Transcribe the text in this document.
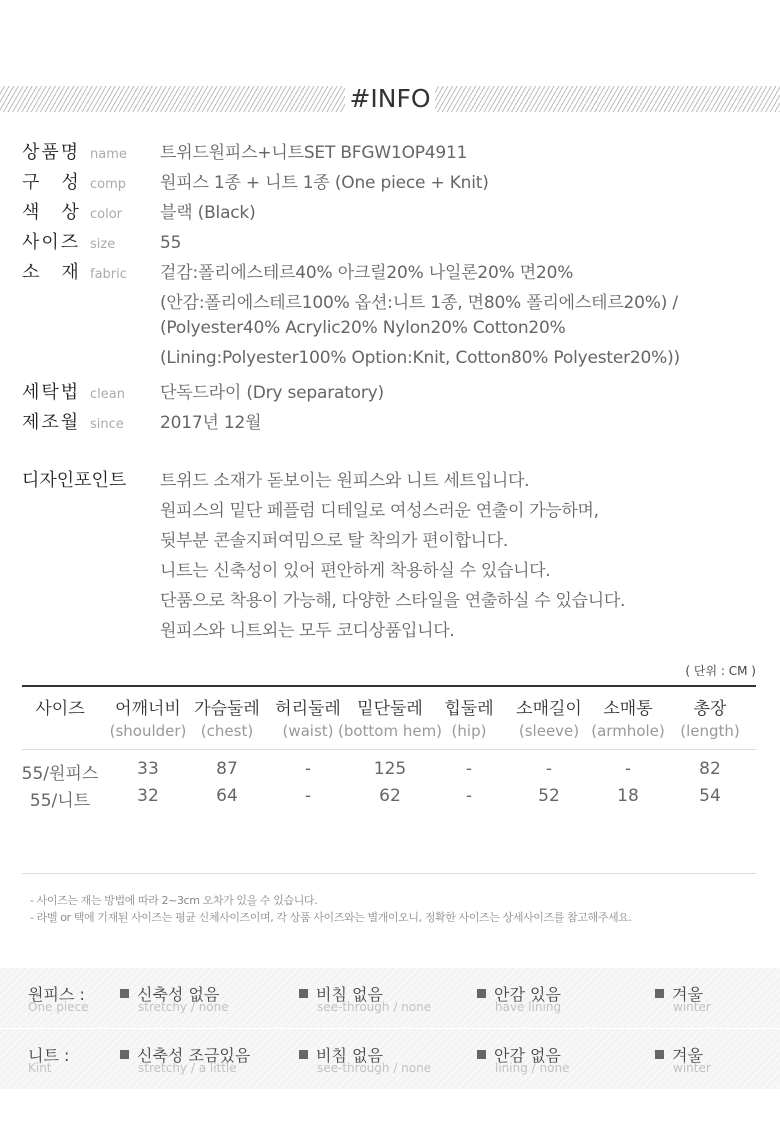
#INFO
상품명 name	트위드원피스+니트SET BFGW1OP4911
구　성 comp	원피스 1종 + 니트 1종 (One piece + Knit)
색　상 color	블랙 (Black)
사이즈 size	55
소　재 fabric	겉감:폴리에스테르40% 아크릴20% 나일론20% 면20%
(안감:폴리에스테르100% 옵션:니트 1종, 면80% 폴리에스테르20%) /
(Polyester40% Acrylic20% Nylon20% Cotton20%
(Lining:Polyester100% Option:Knit, Cotton80% Polyester20%))
세탁법 clean	단독드라이 (Dry separatory)
제조월 since	2017년 12월
디자인포인트 트위드 소재가 돋보이는 원피스와 니트 세트입니다.
원피스의 밑단 페플럼 디테일로 여성스러운 연출이 가능하며,
뒷부분 콘솔지퍼여밈으로 탈 착의가 편이합니다.
니트는 신축성이 있어 편안하게 착용하실 수 있습니다.
단품으로 착용이 가능해, 다양한 스타일을 연출하실 수 있습니다.
원피스와 니트외는 모두 코디상품입니다.
( 단위 : CM )
사이즈 어깨너비 가슴둘레 허리둘레 밑단둘레 힙둘레 소매길이 소매통 총장
(shoulder) (chest) (waist) (bottom hem) (hip) (sleeve) (armhole) (length)
55/원피스 33	87	-	125	-	-	-	82
55/니트	32	64	-	62	-	52	18	54
- 사이즈는 재는 방법에 따라 2~3cm 오차가 있을 수 있습니다.
- 라벨 or 택에 기재된 사이즈는 평균 신체사이즈이며, 각 상품 사이즈와는 별개이오니, 정확한 사이즈는 상세사이즈를 참고해주세요.
원피스 :
One piece
신축성 없음
stretchy / none
비침 없음
see-through / none
안감 있음
have lining
겨울
winter
니트 :
Kint
신축성 조금있음
stretchy / a little
비침 없음
see-through / none
안감 없음
lining / none
겨울
winter
